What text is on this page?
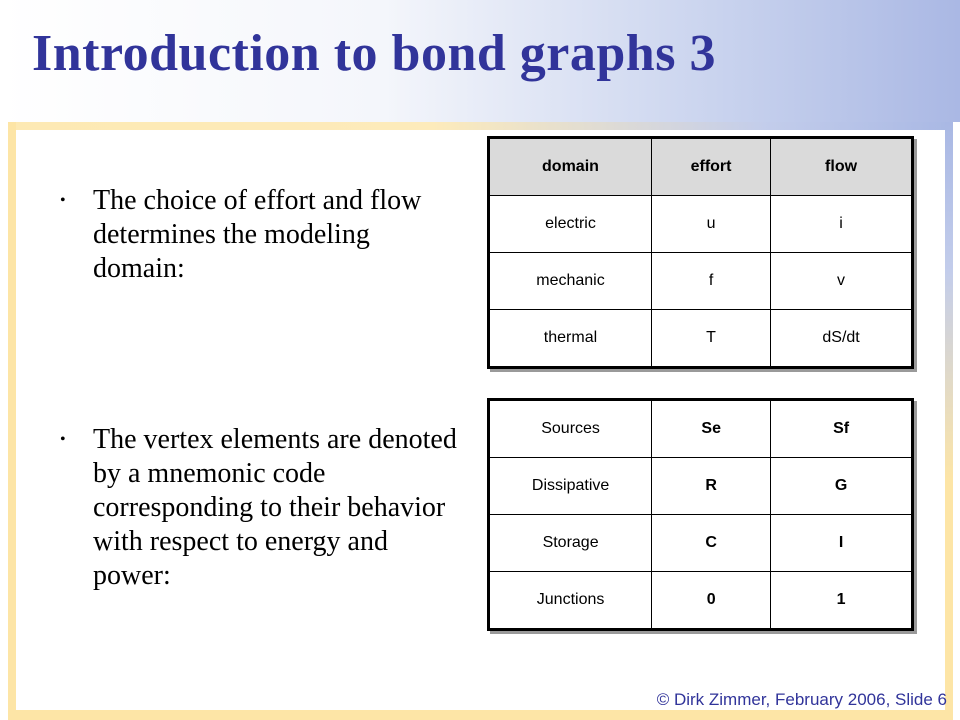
Introduction to bond graphs 3
• The choice of effort and flow determines the modeling domain:
• The vertex elements are denoted by a mnemonic code corresponding to their behavior with respect to energy and power:
domain	effort	flow
electric	u	i
mechanic	f	v
thermal	T	dS/dt
Sources	Se	Sf
Dissipative	R	G
Storage	C	I
Junctions	0	1
© Dirk Zimmer, February 2006, Slide 6
